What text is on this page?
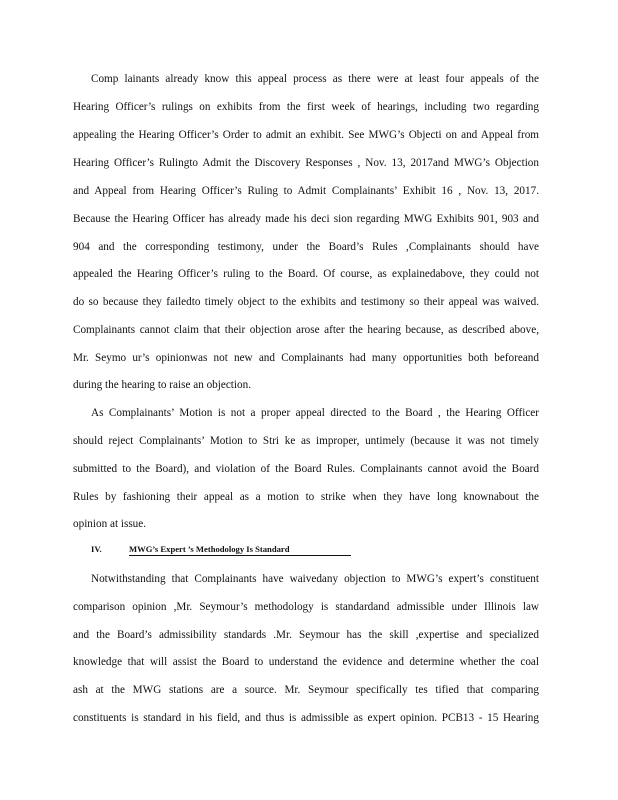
Comp lainants already know this appeal process as there were at least four appeals of the
Hearing Officer’s rulings on exhibits from the first week of hearings, including two regarding
appealing the Hearing Officer’s Order to admit an exhibit. See MWG’s Objecti on and Appeal from
Hearing Officer’s Rulingto Admit the Discovery Responses , Nov. 13, 2017and MWG’s Objection
and Appeal from Hearing Officer’s Ruling to Admit Complainants’ Exhibit 16 , Nov. 13, 2017.
Because the Hearing Officer has already made his deci sion regarding MWG Exhibits 901, 903 and
904 and the corresponding testimony, under the Board’s Rules ,Complainants should have
appealed the Hearing Officer’s ruling to the Board. Of course, as explainedabove, they could not
do so because they failedto timely object to the exhibits and testimony so their appeal was waived.
Complainants cannot claim that their objection arose after the hearing because, as described above,
Mr. Seymo ur’s opinionwas not new and Complainants had many opportunities both beforeand
during the hearing to raise an objection.
As Complainants’ Motion is not a proper appeal directed to the Board , the Hearing Officer
should reject Complainants’ Motion to Stri ke as improper, untimely (because it was not timely
submitted to the Board), and violation of the Board Rules. Complainants cannot avoid the Board
Rules by fashioning their appeal as a motion to strike when they have long knownabout the
opinion at issue.
IV.	MWG’s Expert ’s Methodology Is Standard
Notwithstanding that Complainants have waivedany objection to MWG’s expert’s constituent
comparison opinion ,Mr. Seymour’s methodology is standardand admissible under Illinois law
and the Board’s admissibility standards .Mr. Seymour has the skill ,expertise and specialized
knowledge that will assist the Board to understand the evidence and determine whether the coal
ash at the MWG stations are a source. Mr. Seymour specifically tes tified that comparing
constituents is standard in his field, and thus is admissible as expert opinion. PCB13 - 15 Hearing
